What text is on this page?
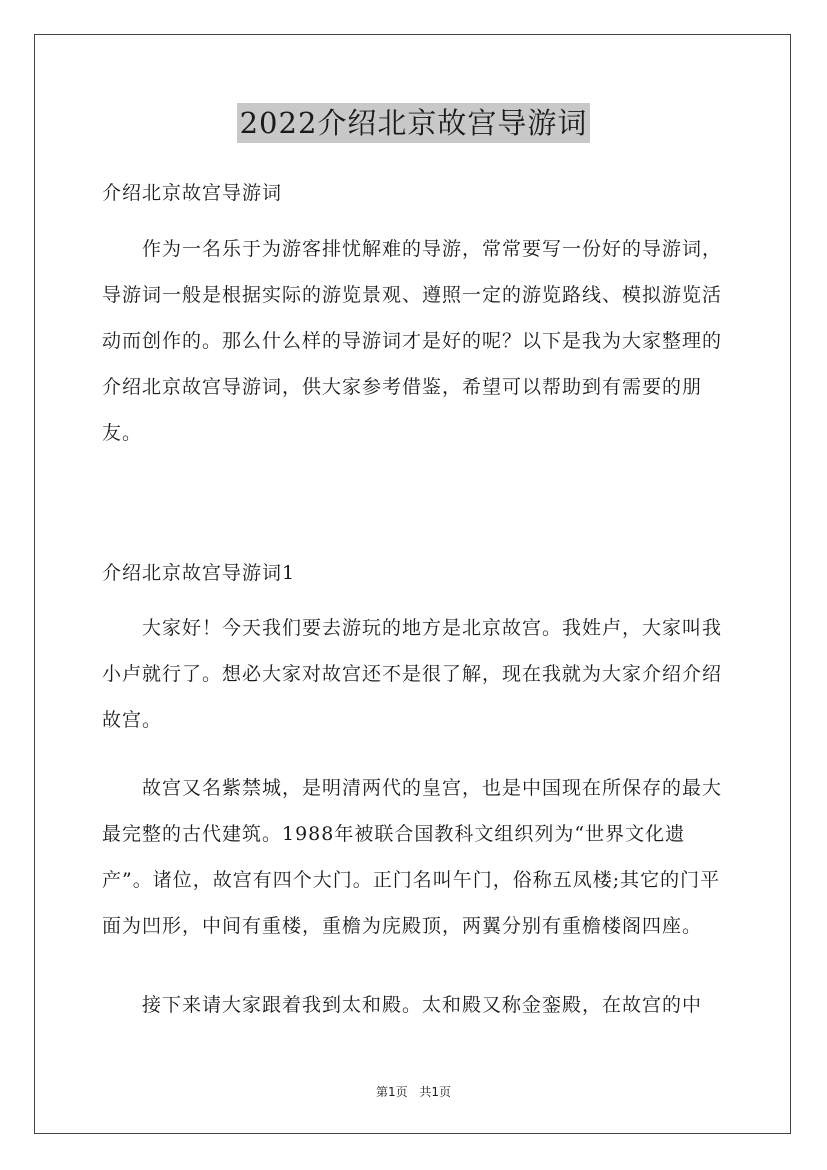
2022介绍北京故宫导游词
介绍北京故宫导游词

作为一名乐于为游客排忧解难的导游，常常要写一份好的导游词，导游词一般是根据实际的游览景观、遵照一定的游览路线、模拟游览活动而创作的。那么什么样的导游词才是好的呢？以下是我为大家整理的介绍北京故宫导游词，供大家参考借鉴，希望可以帮助到有需要的朋友。

介绍北京故宫导游词1

大家好！今天我们要去游玩的地方是北京故宫。我姓卢，大家叫我小卢就行了。想必大家对故宫还不是很了解，现在我就为大家介绍介绍故宫。

故宫又名紫禁城，是明清两代的皇宫，也是中国现在所保存的最大最完整的古代建筑。1988年被联合国教科文组织列为“世界文化遗产”。诸位，故宫有四个大门。正门名叫午门，俗称五凤楼;其它的门平面为凹形，中间有重楼，重檐为庑殿顶，两翼分别有重檐楼阁四座。

接下来请大家跟着我到太和殿。太和殿又称金銮殿，在故宫的中

第1页 共1页
